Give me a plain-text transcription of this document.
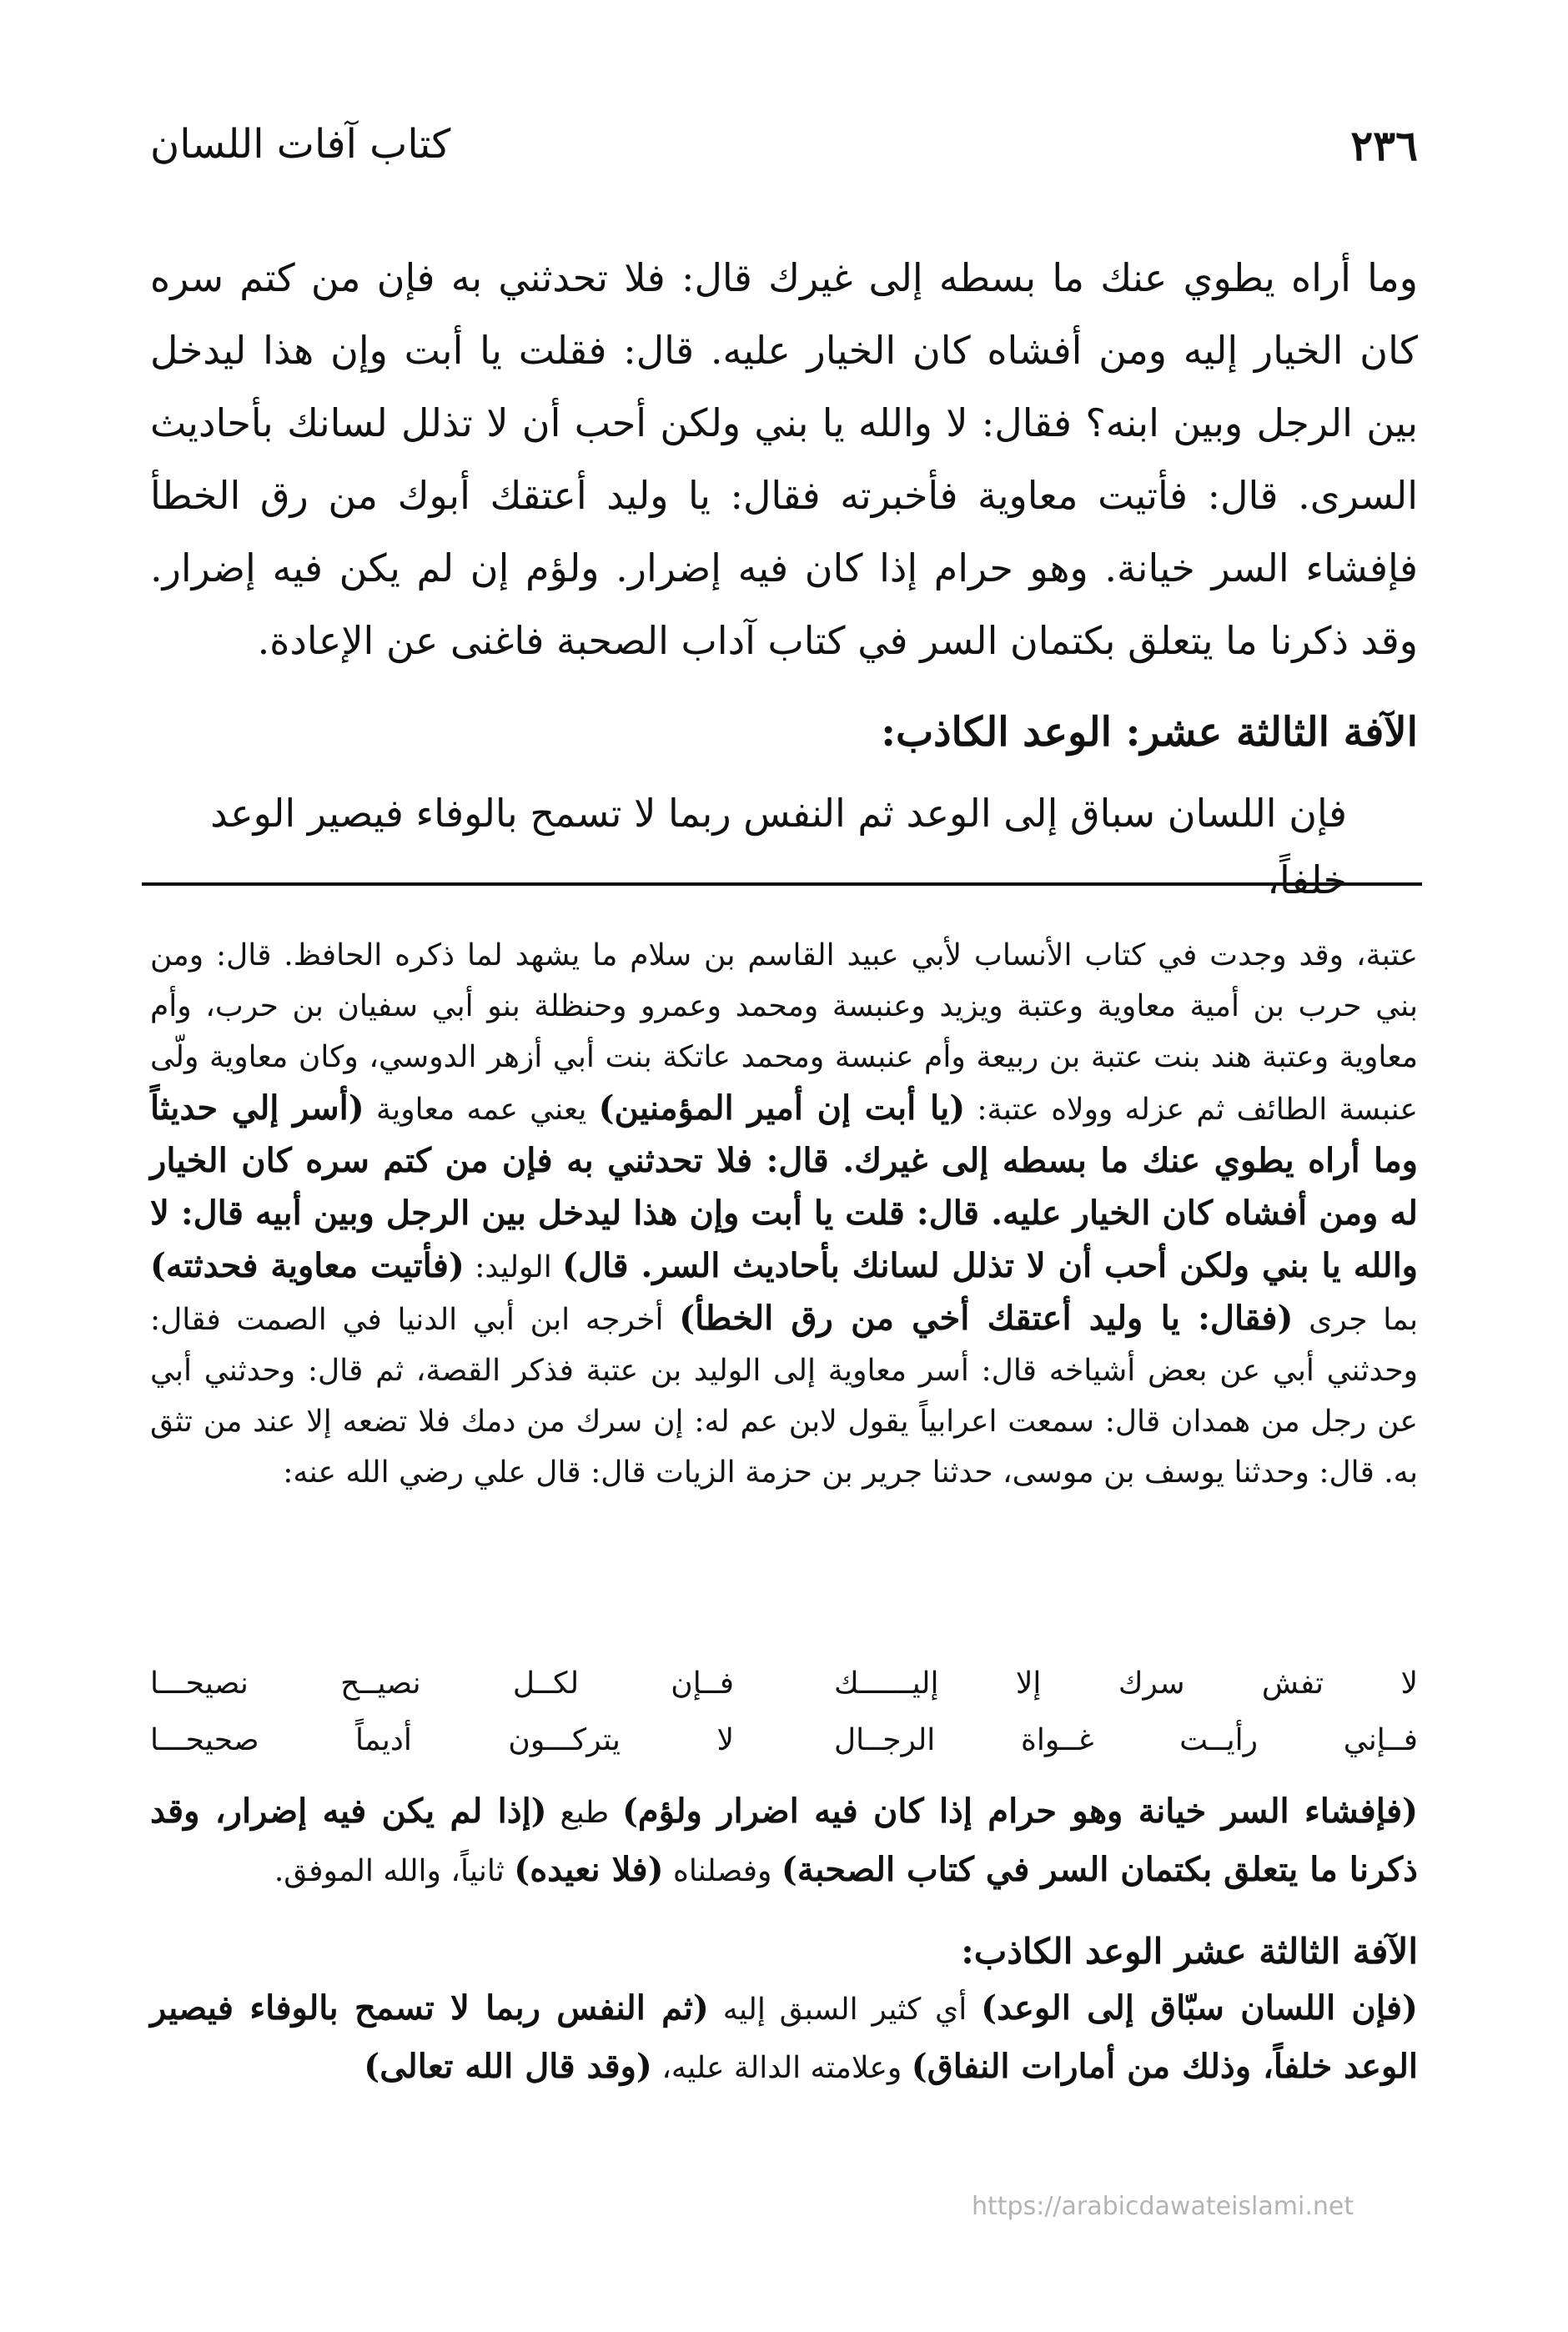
٢٣٦
كتاب آفات اللسان

وما أراه يطوي عنك ما بسطه إلى غيرك قال: فلا تحدثني به فإن من كتم سره كان الخيار إليه ومن أفشاه كان الخيار عليه. قال: فقلت يا أبت وإن هذا ليدخل بين الرجل وبين ابنه؟ فقال: لا والله يا بني ولكن أحب أن لا تذلل لسانك بأحاديث السرى. قال: فأتيت معاوية فأخبرته فقال: يا وليد أعتقك أبوك من رق الخطأ فإفشاء السر خيانة. وهو حرام إذا كان فيه إضرار. ولؤم إن لم يكن فيه إضرار. وقد ذكرنا ما يتعلق بكتمان السر في كتاب آداب الصحبة فاغنى عن الإعادة.

الآفة الثالثة عشر: الوعد الكاذب:
فإن اللسان سباق إلى الوعد ثم النفس ربما لا تسمح بالوفاء فيصير الوعد خلفاً،

عتبة، وقد وجدت في كتاب الأنساب لأبي عبيد القاسم بن سلام ما يشهد لما ذكره الحافظ. قال: ومن بني حرب بن أمية معاوية وعتبة ويزيد وعنبسة ومحمد وعمرو وحنظلة بنو أبي سفيان بن حرب، وأم معاوية وعتبة هند بنت عتبة بن ربيعة وأم عنبسة ومحمد عاتكة بنت أبي أزهر الدوسي، وكان معاوية ولّى عنبسة الطائف ثم عزله وولاه عتبة: (يا أبت إن أمير المؤمنين) يعني عمه معاوية (أسر إلي حديثاً وما أراه يطوي عنك ما بسطه إلى غيرك. قال: فلا تحدثني به فإن من كتم سره كان الخيار له ومن أفشاه كان الخيار عليه. قال: قلت يا أبت وإن هذا ليدخل بين الرجل وبين أبيه قال: لا والله يا بني ولكن أحب أن لا تذلل لسانك بأحاديث السر. قال) الوليد: (فأتيت معاوية فحدثته) بما جرى (فقال: يا وليد أعتقك أخي من رق الخطأ) أخرجه ابن أبي الدنيا في الصمت فقال: وحدثني أبي عن بعض أشياخه قال: أسر معاوية إلى الوليد بن عتبة فذكر القصة، ثم قال: وحدثني أبي عن رجل من همدان قال: سمعت اعرابياً يقول لابن عم له: إن سرك من دمك فلا تضعه إلا عند من تثق به. قال: وحدثنا يوسف بن موسى، حدثنا جرير بن حزمة الزيات قال: قال علي رضي الله عنه:

لا تفش سرك إلا إليــــــك
فــإن لكــل نصيــح نصيحـــا
فــإني رأيــت غــواة الرجــال
لا يتركـــون أديماً صحيحـــا

(فإفشاء السر خيانة وهو حرام إذا كان فيه اضرار ولؤم) طبع (إذا لم يكن فيه إضرار، وقد ذكرنا ما يتعلق بكتمان السر في كتاب الصحبة) وفصلناه (فلا نعيده) ثانياً، والله الموفق.

الآفة الثالثة عشر الوعد الكاذب:

(فإن اللسان سبّاق إلى الوعد) أي كثير السبق إليه (ثم النفس ربما لا تسمح بالوفاء فيصير الوعد خلفاً، وذلك من أمارات النفاق) وعلامته الدالة عليه، (وقد قال الله تعالى)

https://arabicdawateislami.net
